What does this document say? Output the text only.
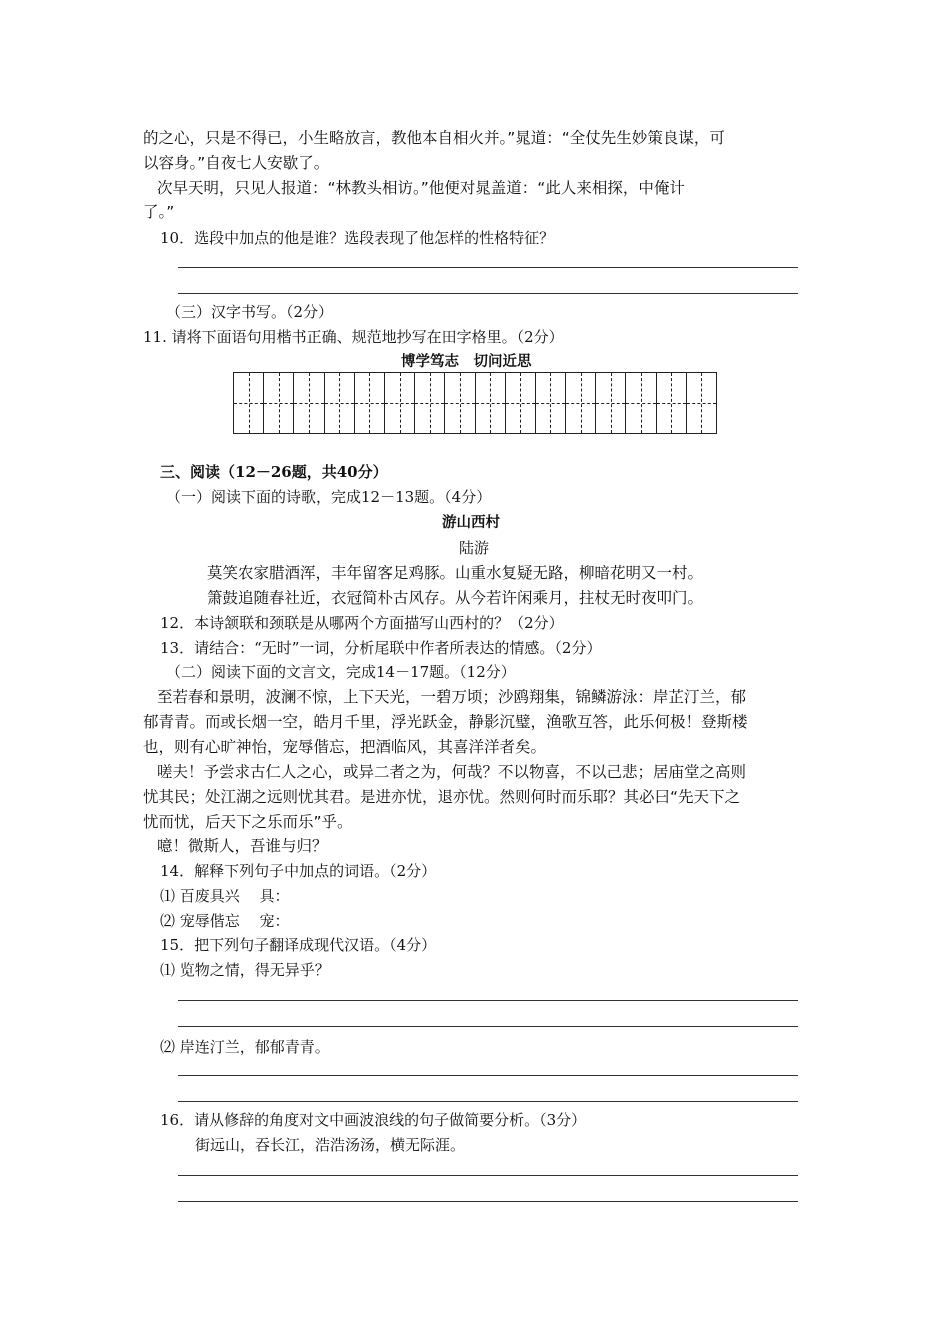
的之心，只是不得已，小生略放言，教他本自相火并。”晁道：“全仗先生妙策良谋，可
以容身。”自夜七人安歇了。
次早天明，只见人报道：“林教头相访。”他便对晁盖道：“此人来相探，中俺计
了。”
10．选段中加点的他是谁？选段表现了他怎样的性格特征？
（三）汉字书写。（2分）
11. 请将下面语句用楷书正确、规范地抄写在田字格里。（2分）
博学笃志　切问近思
三、阅读（12－26题，共40分）
（一）阅读下面的诗歌，完成12－13题。（4分）
游山西村
陆游
莫笑农家腊酒浑，丰年留客足鸡豚。山重水复疑无路，柳暗花明又一村。
箫鼓追随春社近，衣冠简朴古风存。从今若许闲乘月，拄杖无时夜叩门。
12．本诗颔联和颈联是从哪两个方面描写山西村的？（2分）
13．请结合：“无时”一词，分析尾联中作者所表达的情感。（2分）
（二）阅读下面的文言文，完成14－17题。（12分）
至若春和景明，波澜不惊，上下天光，一碧万顷；沙鸥翔集，锦鳞游泳：岸芷汀兰，郁
郁青青。而或长烟一空，皓月千里，浮光跃金，静影沉璧，渔歌互答，此乐何极！登斯楼
也，则有心旷神怡，宠辱偕忘，把酒临风，其喜洋洋者矣。
嗟夫！予尝求古仁人之心，或异二者之为，何哉？不以物喜，不以己悲；居庙堂之高则
忧其民；处江湖之远则忧其君。是进亦忧，退亦忧。然则何时而乐耶？其必曰“先天下之
忧而忧，后天下之乐而乐”乎。
噫！微斯人，吾谁与归？
14．解释下列句子中加点的词语。（2分）
⑴ 百废具兴　 具：
⑵ 宠辱偕忘　 宠：
15．把下列句子翻译成现代汉语。（4分）
⑴ 览物之情，得无异乎？
⑵ 岸连汀兰，郁郁青青。
16．请从修辞的角度对文中画波浪线的句子做简要分析。（3分）
街远山，吞长江，浩浩汤汤，横无际涯。
